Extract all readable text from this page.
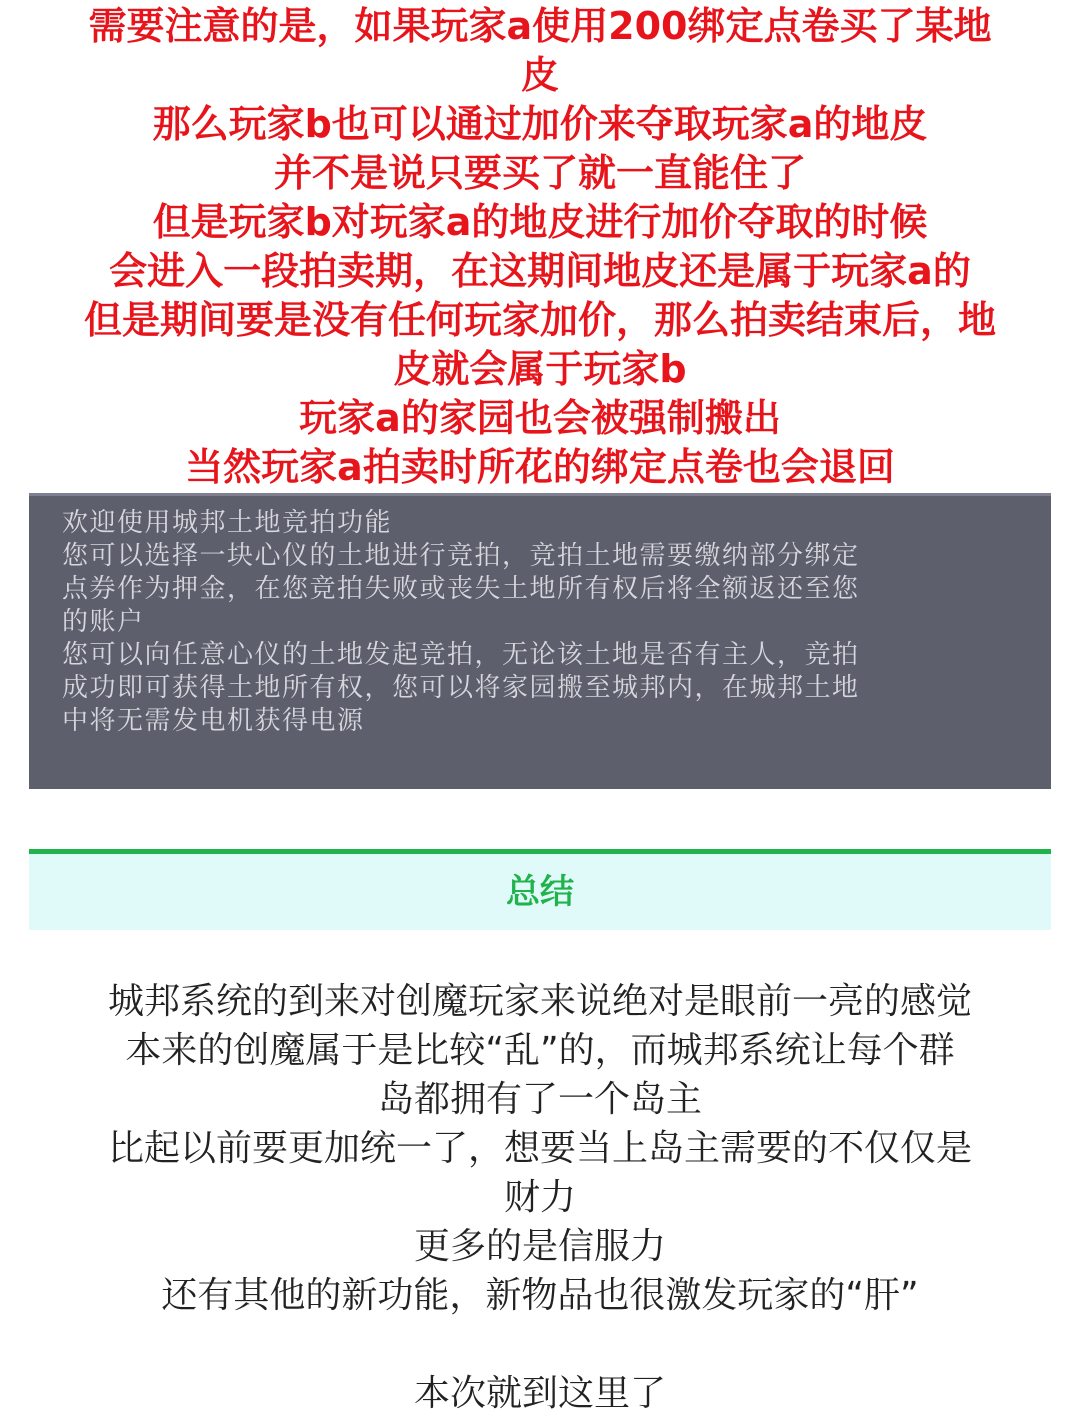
需要注意的是，如果玩家a使用200绑定点卷买了某地
皮
那么玩家b也可以通过加价来夺取玩家a的地皮
并不是说只要买了就一直能住了
但是玩家b对玩家a的地皮进行加价夺取的时候
会进入一段拍卖期，在这期间地皮还是属于玩家a的
但是期间要是没有任何玩家加价，那么拍卖结束后，地
皮就会属于玩家b
玩家a的家园也会被强制搬出
当然玩家a拍卖时所花的绑定点卷也会退回
欢迎使用城邦土地竞拍功能
您可以选择一块心仪的土地进行竞拍，竞拍土地需要缴纳部分绑定
点券作为押金，在您竞拍失败或丧失土地所有权后将全额返还至您
的账户
您可以向任意心仪的土地发起竞拍，无论该土地是否有主人，竞拍
成功即可获得土地所有权，您可以将家园搬至城邦内，在城邦土地
中将无需发电机获得电源
总结
城邦系统的到来对创魔玩家来说绝对是眼前一亮的感觉
本来的创魔属于是比较“乱”的，而城邦系统让每个群
岛都拥有了一个岛主
比起以前要更加统一了，想要当上岛主需要的不仅仅是
财力
更多的是信服力
还有其他的新功能，新物品也很激发玩家的“肝”
本次就到这里了
